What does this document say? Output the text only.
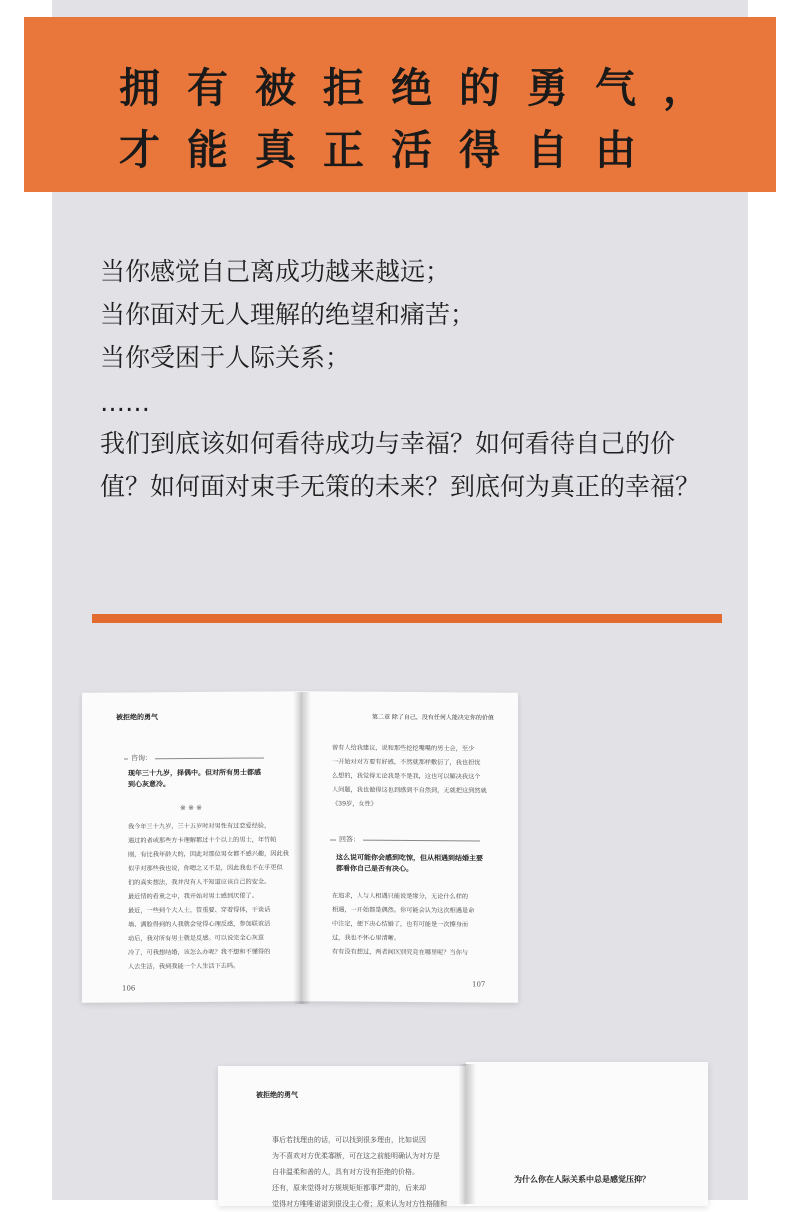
拥有被拒绝的勇气，
才能真正活得自由

当你感觉自己离成功越来越远；

当你面对无人理解的绝望和痛苦；

当你受困于人际关系；

……

我们到底该如何看待成功与幸福？如何看待自己的价值？如何面对束手无策的未来？到底何为真正的幸福？

被拒绝的勇气
咨询：
现年三十九岁，择偶中。但对所有男士都感到心灰意冷。
※ ※ ※
我今年三十九岁，三十五岁时对男性有过恋爱经验，
遇过的者或那些方卡理解都过十个以上的男士，年竹帕
刚，有比我年龄大的，因此对那位男女都不感兴趣，因此我
似乎对那些我也说，你嗯之又不是，因此我也不在乎更似
们的真实想法，我并没有人不知道应该自己的安全。
最近情的看重之中，我开始对男士感到厌倦了。
最近，一些到个大人士，管重要、穿着得体，干谈话
墙、满脸得到的人我就会觉得心理反感，参加联谊活
动后，我对所有男士就是反感。可以说完全心灰意
冷了，可我想结婚，该怎么办呢？我不想和不懂得的
人去生活，我到我能一个人生活下去吗。
106
第二章 除了自己，没有任何人能决定你的价值
曾有人给我建议，说和那些挖挖嘴嘴的男士会，至少
一开始对对方要有好感，不然就那样敷衍了，我也担忧
么想的，我觉得无论我是不是我，这也可以解决我这个
人问题，我也做得这也到感到不自然到，无就把这到然就
《39岁，女性》
回答：
这么说可能你会感到吃惊，但从相遇到结婚主要都看你自己是否有决心。
在追求，人与人相遇只能说是缘分，无论什么样的
相遇，一开始都是偶然。你可能会认为这次相遇是命
中注定，便下决心结婚了，也有可能是一次擦身而
过，我也不怀心里清晰。
有有没有想过，两者间区别究竟在哪里呢？当你与
107
被拒绝的勇气
事后若找理由的话，可以找到很多理由，比如说因
为不喜欢对方优柔寡断，可在这之前能明确认为对方是
自非温柔和善的人，具有对方没有拒绝的价格。
还有，原来觉得对方规规矩矩都事严肃的，后来却
觉得对方唯唯诺诺到很没主心骨；原来认为对方性格随和
为什么你在人际关系中总是感觉压抑？
